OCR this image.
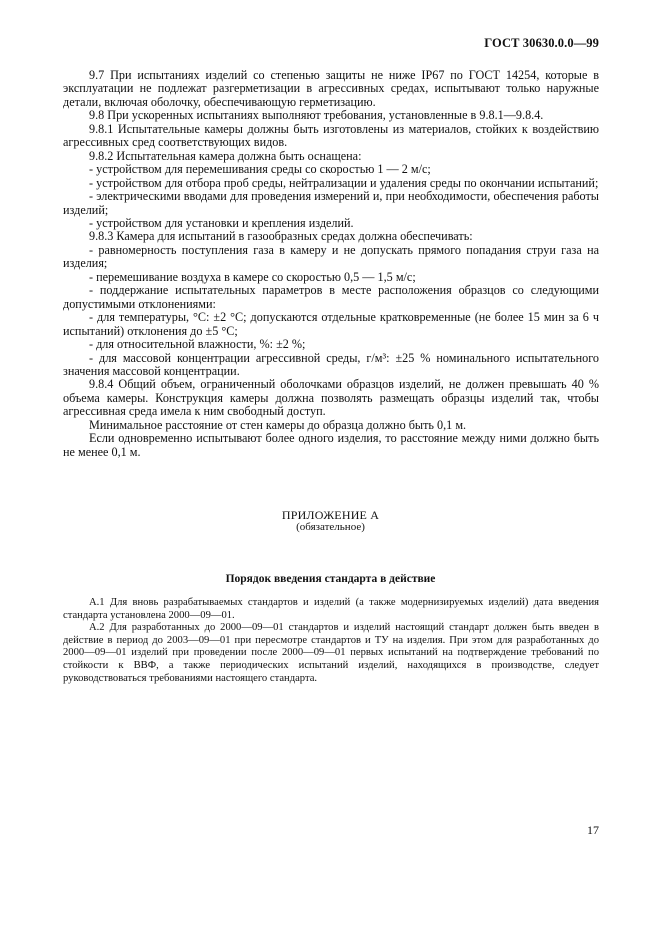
ГОСТ 30630.0.0—99

9.7 При испытаниях изделий со степенью защиты не ниже IP67 по ГОСТ 14254, которые в эксплуатации не подлежат разгерметизации в агрессивных средах, испытывают только наружные детали, включая оболочку, обеспечивающую герметизацию.

9.8 При ускоренных испытаниях выполняют требования, установленные в 9.8.1—9.8.4.

9.8.1 Испытательные камеры должны быть изготовлены из материалов, стойких к воздействию агрессивных сред соответствующих видов.

9.8.2 Испытательная камера должна быть оснащена:

- устройством для перемешивания среды со скоростью 1 — 2 м/с;

- устройством для отбора проб среды, нейтрализации и удаления среды по окончании испытаний;

- электрическими вводами для проведения измерений и, при необходимости, обеспечения работы изделий;

- устройством для установки и крепления изделий.

9.8.3 Камера для испытаний в газообразных средах должна обеспечивать:

- равномерность поступления газа в камеру и не допускать прямого попадания струи газа на изделия;

- перемешивание воздуха в камере со скоростью 0,5 — 1,5 м/с;

- поддержание испытательных параметров в месте расположения образцов со следующими допустимыми отклонениями:

- для температуры, °С: ±2 °С; допускаются отдельные кратковременные (не более 15 мин за 6 ч испытаний) отклонения до ±5 °С;

- для относительной влажности, %: ±2 %;

- для массовой концентрации агрессивной среды, г/м³: ±25 % номинального испытательного значения массовой концентрации.

9.8.4 Общий объем, ограниченный оболочками образцов изделий, не должен превышать 40 % объема камеры. Конструкция камеры должна позволять размещать образцы изделий так, чтобы агрессивная среда имела к ним свободный доступ.

Минимальное расстояние от стен камеры до образца должно быть 0,1 м.

Если одновременно испытывают более одного изделия, то расстояние между ними должно быть не менее 0,1 м.

ПРИЛОЖЕНИЕ А
(обязательное)
Порядок введения стандарта в действие

А.1 Для вновь разрабатываемых стандартов и изделий (а также модернизируемых изделий) дата введения стандарта установлена 2000—09—01.

А.2 Для разработанных до 2000—09—01 стандартов и изделий настоящий стандарт должен быть введен в действие в период до 2003—09—01 при пересмотре стандартов и ТУ на изделия. При этом для разработанных до 2000—09—01 изделий при проведении после 2000—09—01 первых испытаний на подтверждение требований по стойкости к ВВФ, а также периодических испытаний изделий, находящихся в производстве, следует руководствоваться требованиями настоящего стандарта.

17
